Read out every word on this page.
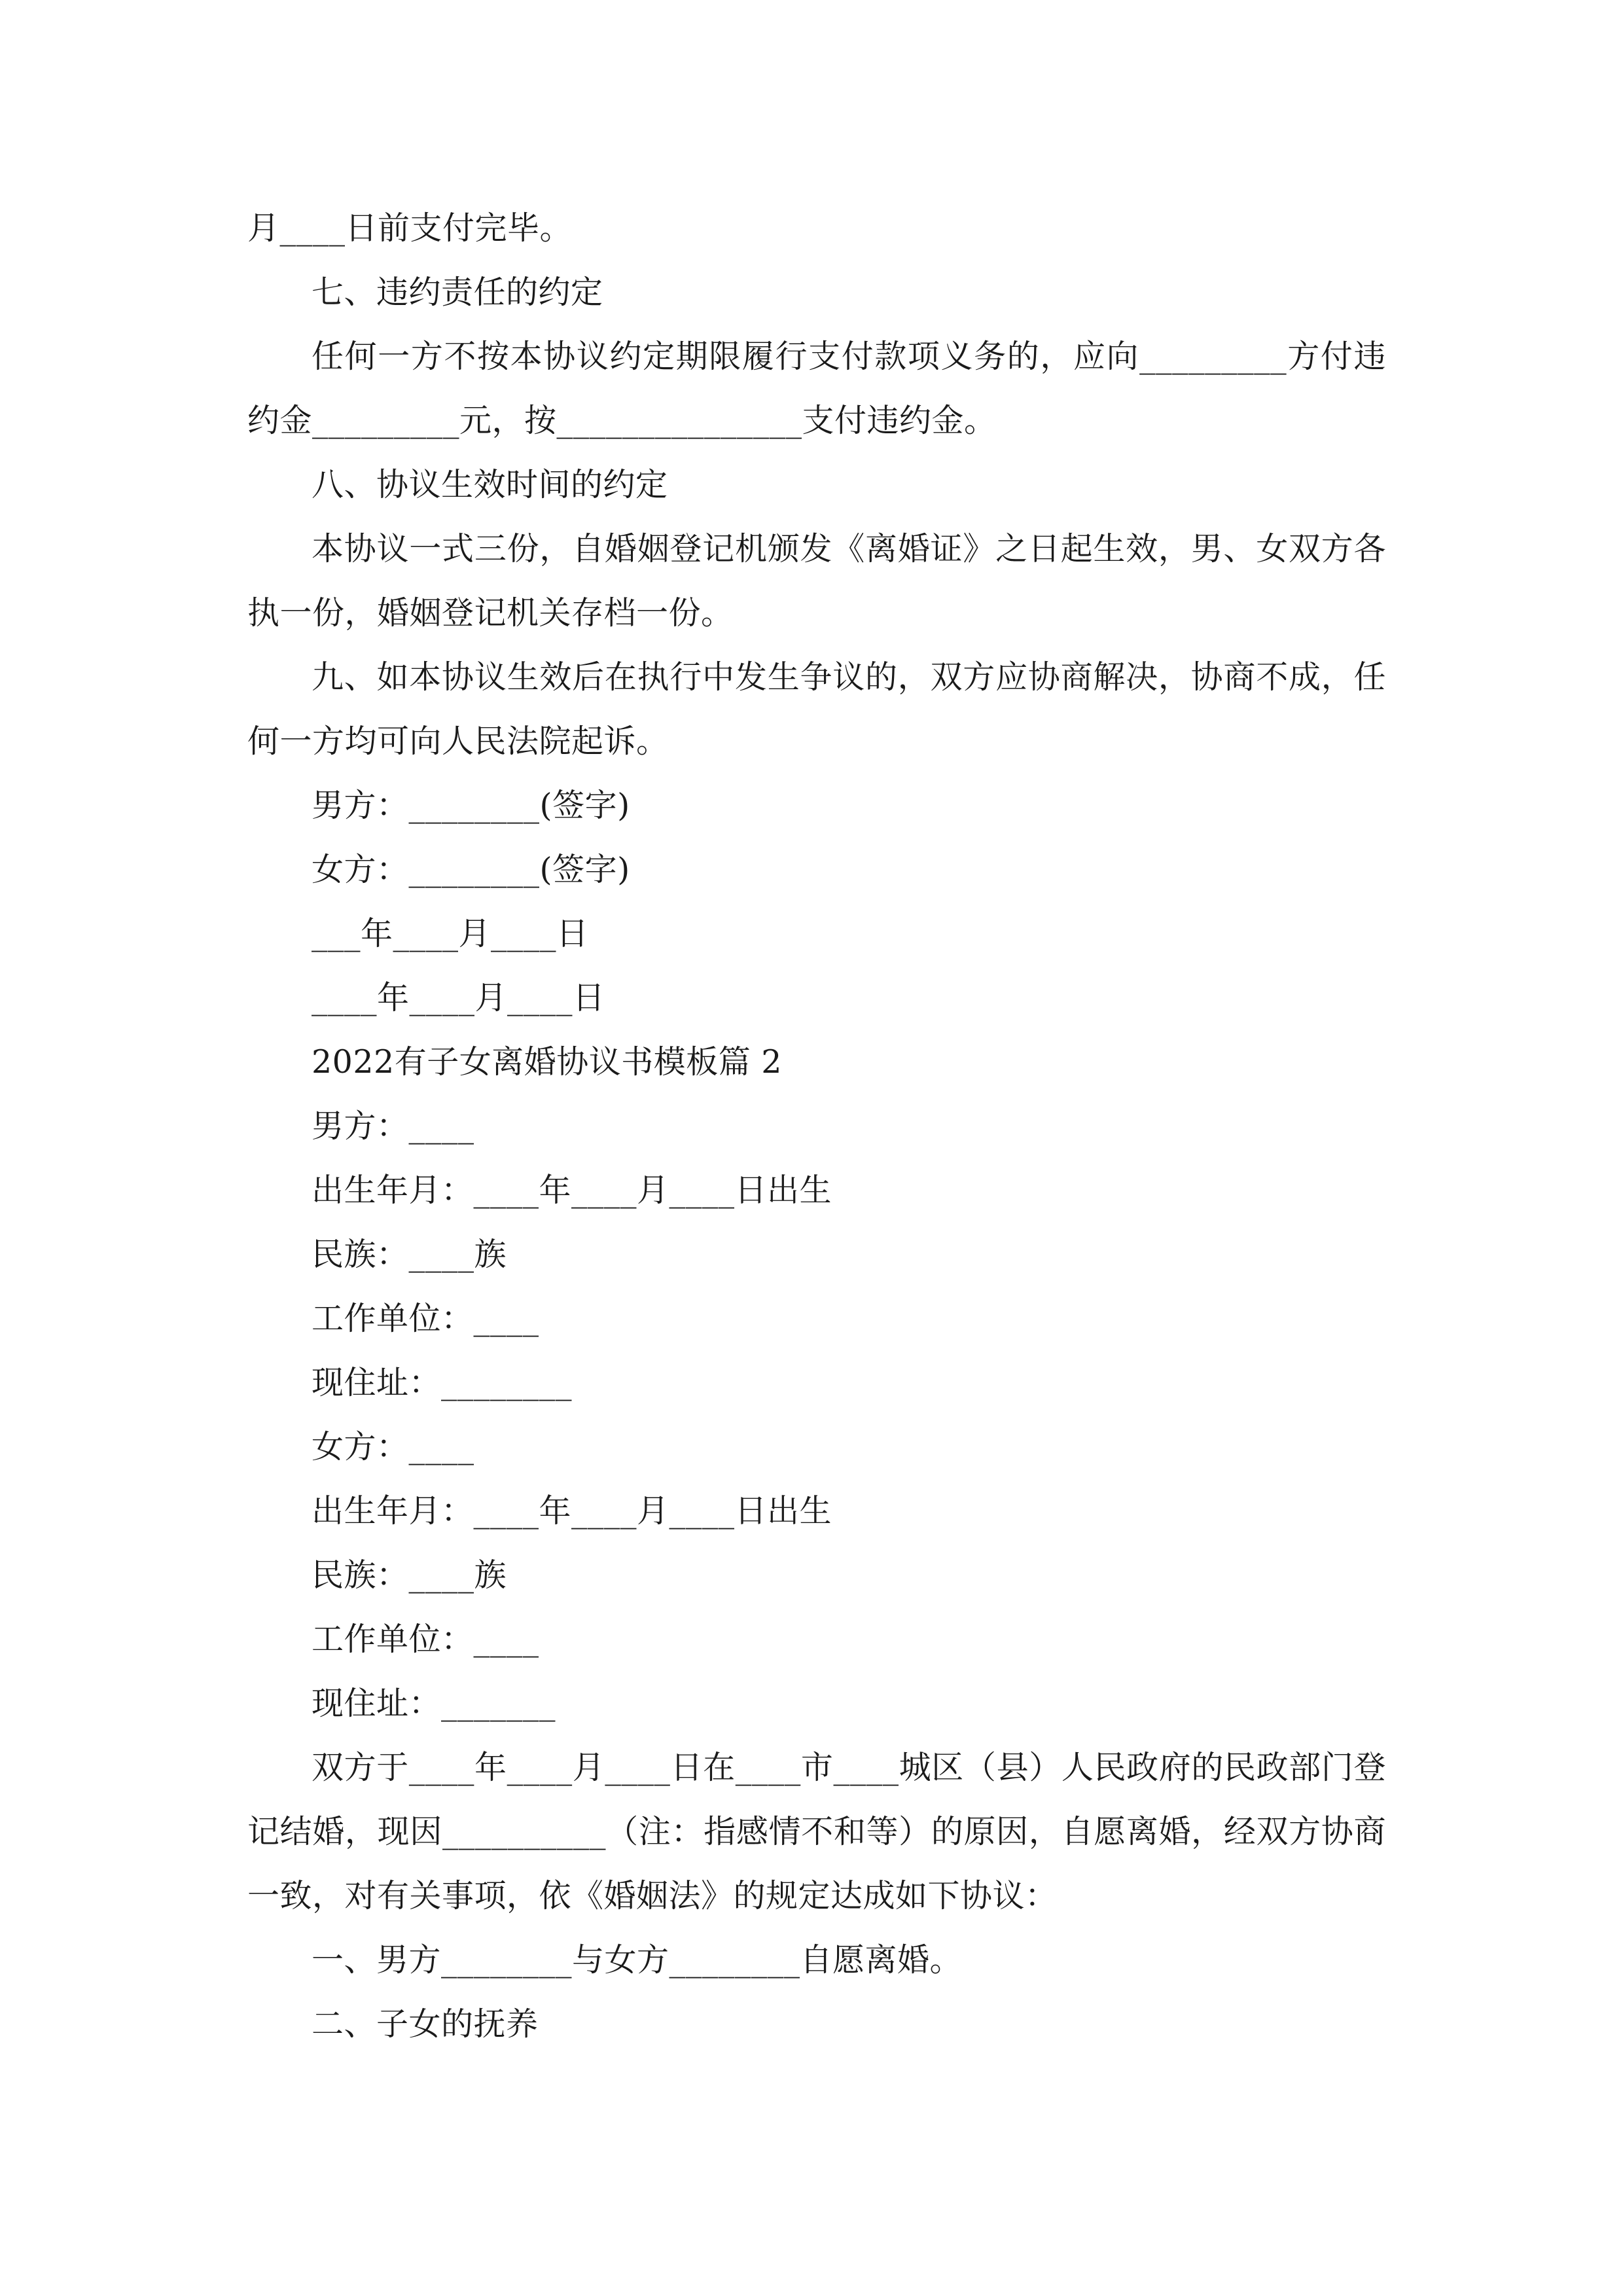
月____日前支付完毕。

七、违约责任的约定

任何一方不按本协议约定期限履行支付款项义务的，应向_________方付违约金_________元，按_______________支付违约金。

八、协议生效时间的约定

本协议一式三份，自婚姻登记机颁发《离婚证》之日起生效，男、女双方各执一份，婚姻登记机关存档一份。

九、如本协议生效后在执行中发生争议的，双方应协商解决，协商不成，任何一方均可向人民法院起诉。

男方：________(签字)

女方：________(签字)

___年____月____日

____年____月____日

2022有子女离婚协议书模板篇 2

男方：____

出生年月：____年____月____日出生

民族：____族

工作单位：____

现住址：________

女方：____

出生年月：____年____月____日出生

民族：____族

工作单位：____

现住址：_______

双方于____年____月____日在____市____城区（县）人民政府的民政部门登记结婚，现因__________（注：指感情不和等）的原因，自愿离婚，经双方协商一致，对有关事项，依《婚姻法》的规定达成如下协议：

一、男方________与女方________自愿离婚。

二、子女的抚养
